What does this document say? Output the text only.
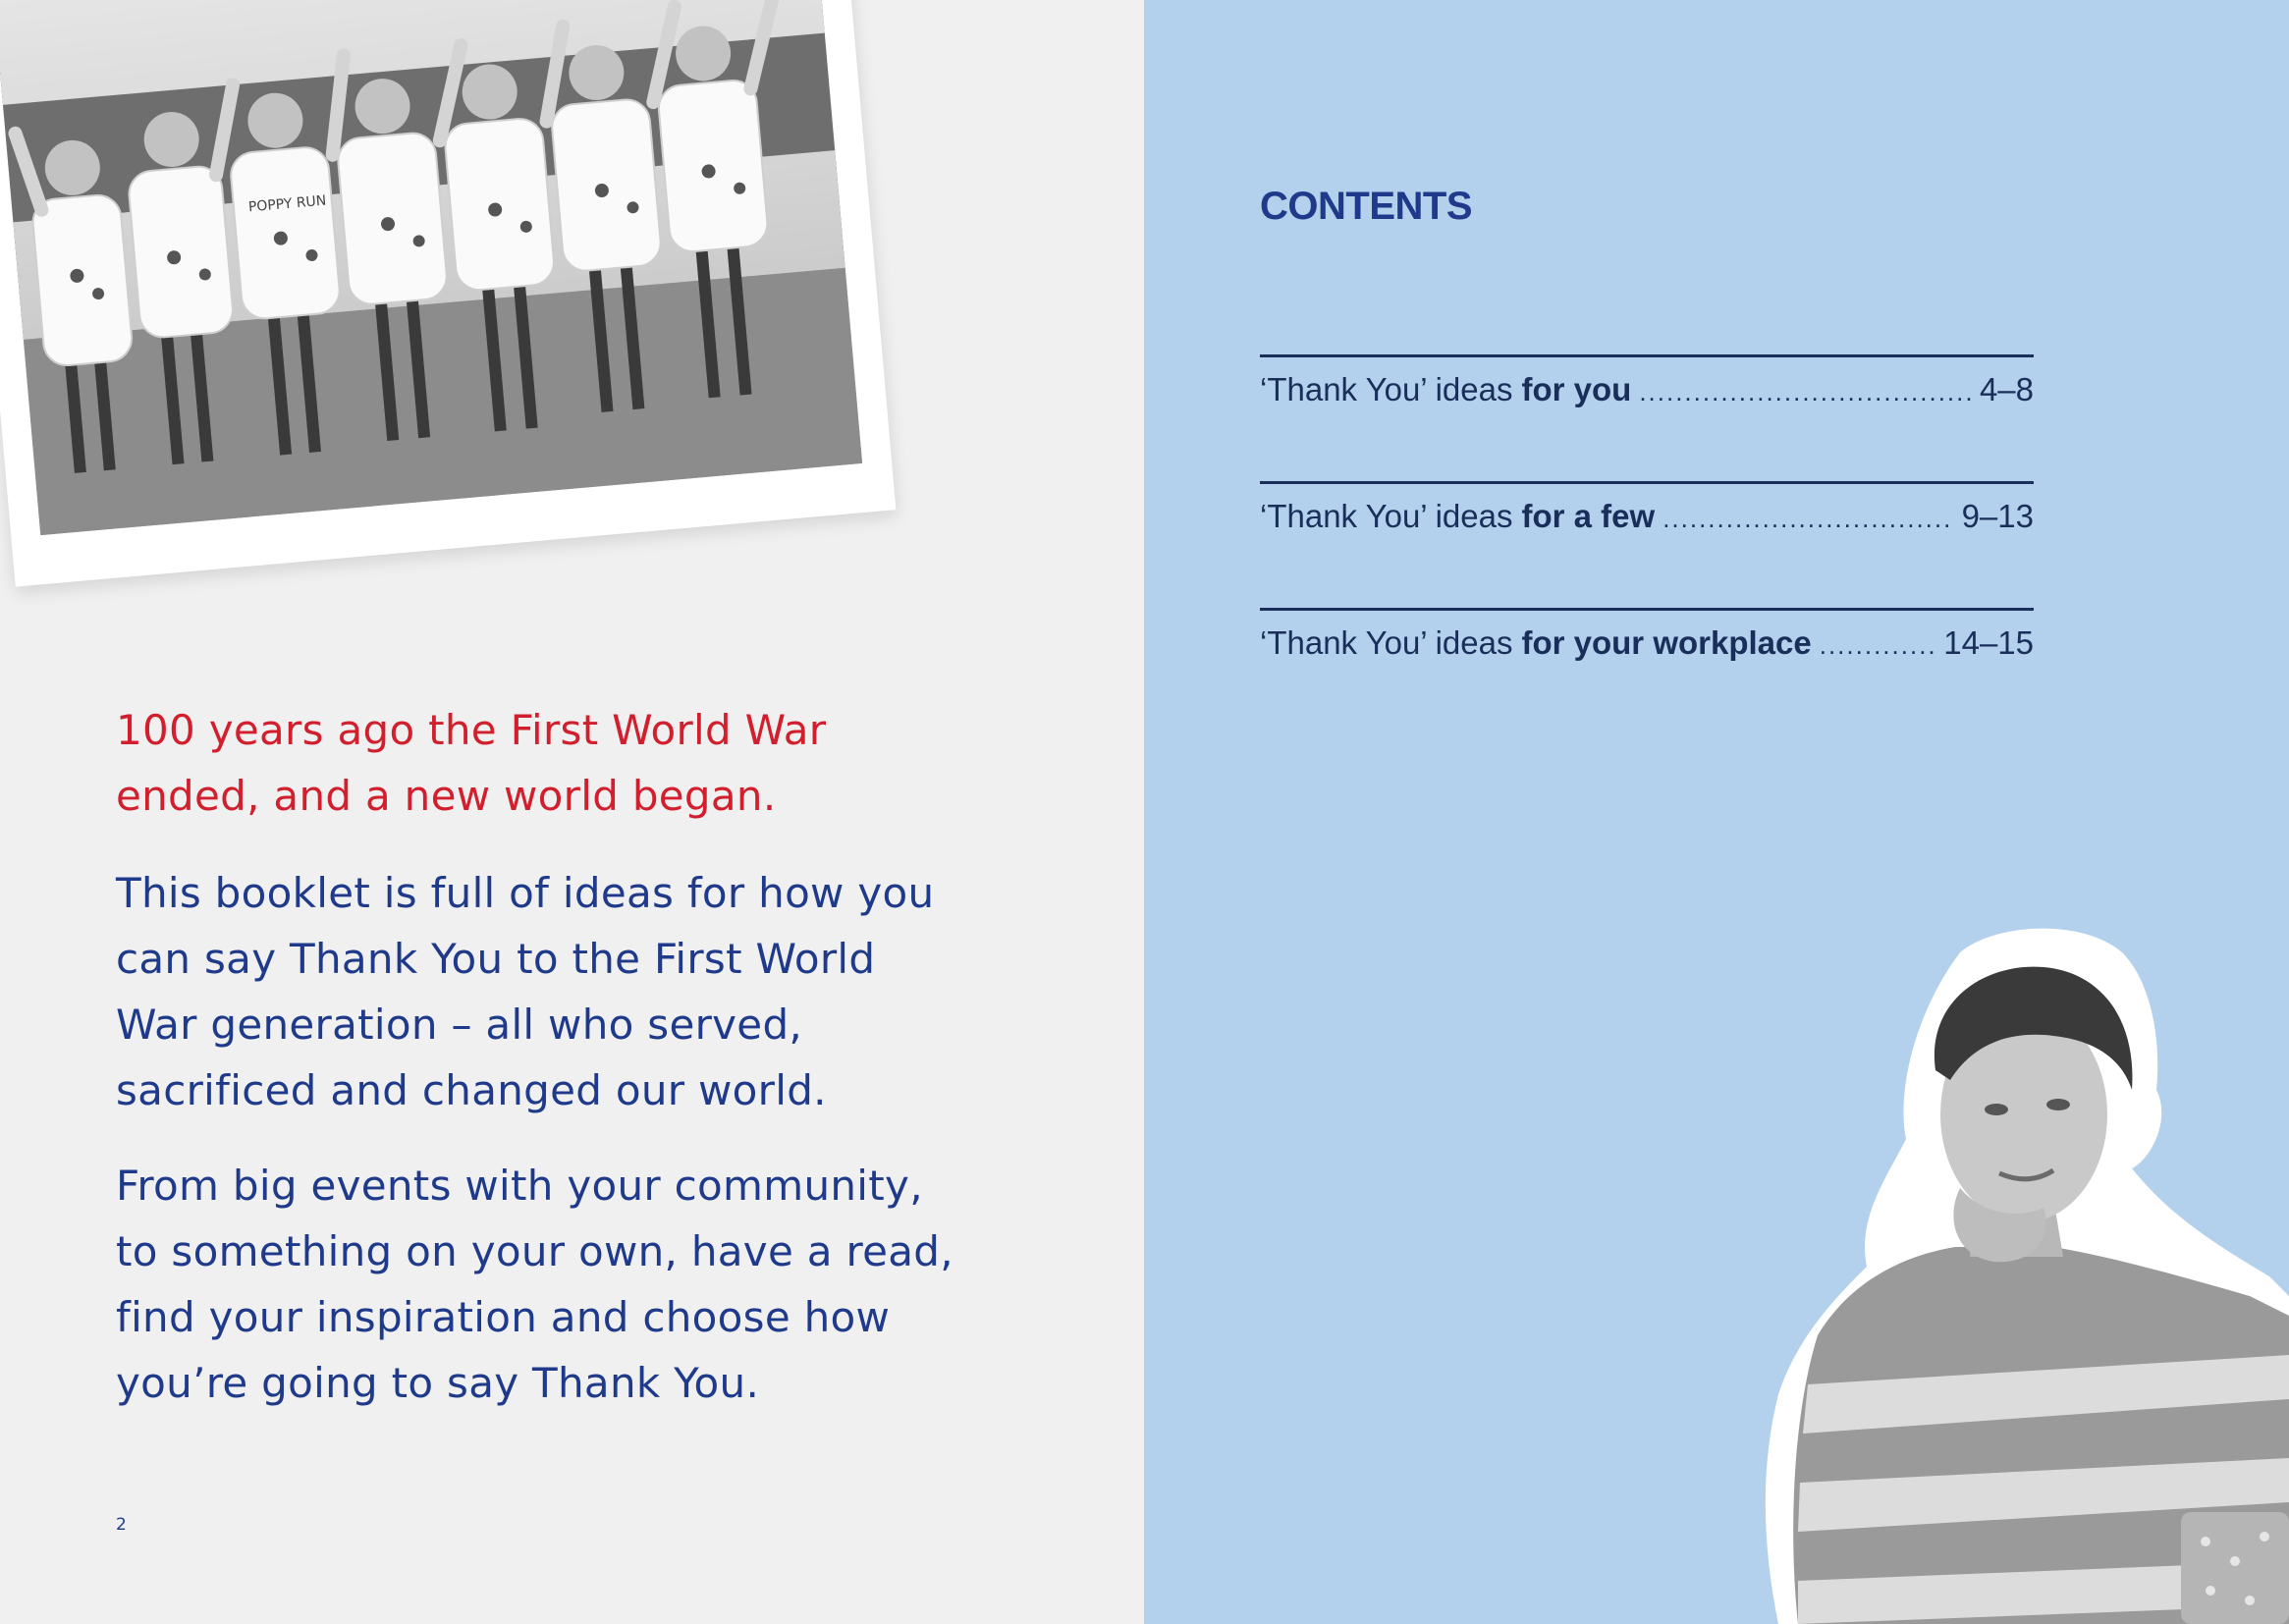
POPPY RUN

100 years ago the First World War ended, and a new world began.

This booklet is full of ideas for how you can say Thank You to the First World War generation – all who served, sacrificed and changed our world.

From big events with your community, to something on your own, have a read, find your inspiration and choose how you’re going to say Thank You.

2
CONTENTS
‘Thank You’ ideas for you .....	4–8
‘Thank You’ ideas for a few .....	9–13
‘Thank You’ ideas for your workplace .....	14–15
